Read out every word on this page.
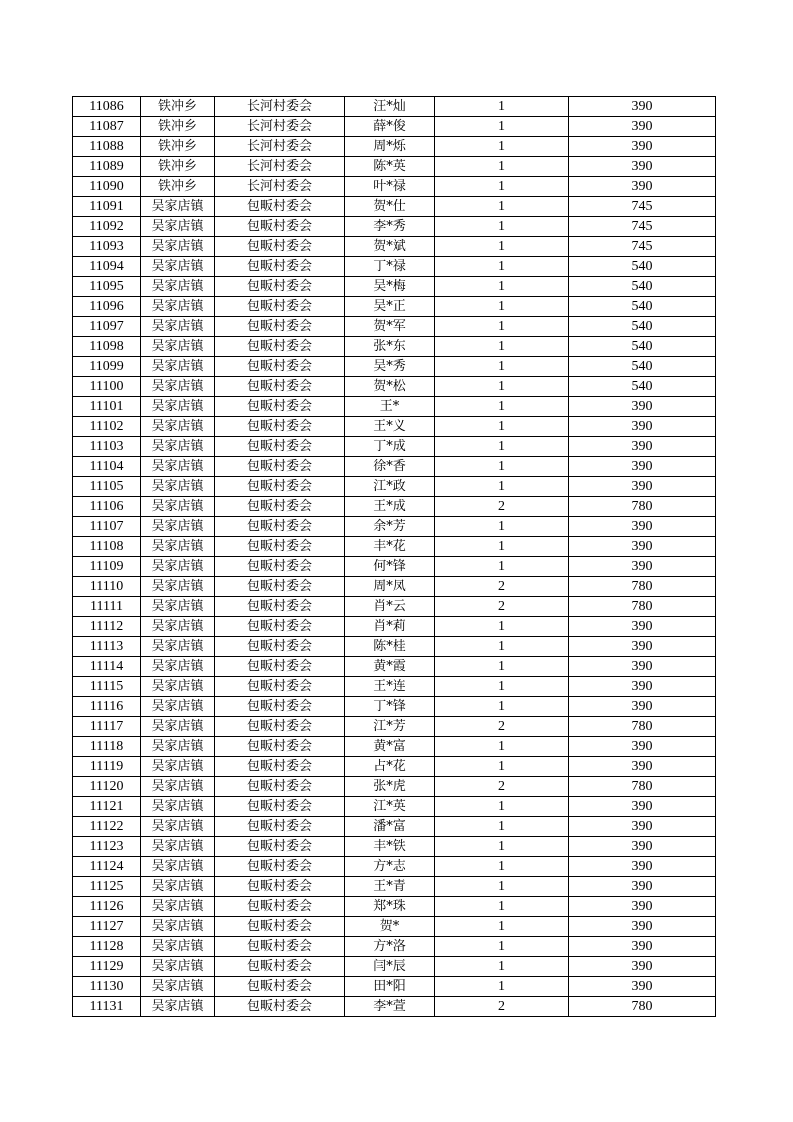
11086	铁冲乡	长河村委会	汪*灿	1	390
11087	铁冲乡	长河村委会	薛*俊	1	390
11088	铁冲乡	长河村委会	周*烁	1	390
11089	铁冲乡	长河村委会	陈*英	1	390
11090	铁冲乡	长河村委会	叶*禄	1	390
11091	吴家店镇	包畈村委会	贺*仕	1	745
11092	吴家店镇	包畈村委会	李*秀	1	745
11093	吴家店镇	包畈村委会	贺*斌	1	745
11094	吴家店镇	包畈村委会	丁*禄	1	540
11095	吴家店镇	包畈村委会	吴*梅	1	540
11096	吴家店镇	包畈村委会	吴*正	1	540
11097	吴家店镇	包畈村委会	贺*军	1	540
11098	吴家店镇	包畈村委会	张*东	1	540
11099	吴家店镇	包畈村委会	吴*秀	1	540
11100	吴家店镇	包畈村委会	贺*松	1	540
11101	吴家店镇	包畈村委会	王*	1	390
11102	吴家店镇	包畈村委会	王*义	1	390
11103	吴家店镇	包畈村委会	丁*成	1	390
11104	吴家店镇	包畈村委会	徐*香	1	390
11105	吴家店镇	包畈村委会	江*政	1	390
11106	吴家店镇	包畈村委会	王*成	2	780
11107	吴家店镇	包畈村委会	余*芳	1	390
11108	吴家店镇	包畈村委会	丰*花	1	390
11109	吴家店镇	包畈村委会	何*锋	1	390
11110	吴家店镇	包畈村委会	周*凤	2	780
11111	吴家店镇	包畈村委会	肖*云	2	780
11112	吴家店镇	包畈村委会	肖*莉	1	390
11113	吴家店镇	包畈村委会	陈*桂	1	390
11114	吴家店镇	包畈村委会	黄*霞	1	390
11115	吴家店镇	包畈村委会	王*连	1	390
11116	吴家店镇	包畈村委会	丁*锋	1	390
11117	吴家店镇	包畈村委会	江*芳	2	780
11118	吴家店镇	包畈村委会	黄*富	1	390
11119	吴家店镇	包畈村委会	占*花	1	390
11120	吴家店镇	包畈村委会	张*虎	2	780
11121	吴家店镇	包畈村委会	江*英	1	390
11122	吴家店镇	包畈村委会	潘*富	1	390
11123	吴家店镇	包畈村委会	丰*铁	1	390
11124	吴家店镇	包畈村委会	方*志	1	390
11125	吴家店镇	包畈村委会	王*青	1	390
11126	吴家店镇	包畈村委会	郑*珠	1	390
11127	吴家店镇	包畈村委会	贺*	1	390
11128	吴家店镇	包畈村委会	方*洛	1	390
11129	吴家店镇	包畈村委会	闫*辰	1	390
11130	吴家店镇	包畈村委会	田*阳	1	390
11131	吴家店镇	包畈村委会	李*萱	2	780
